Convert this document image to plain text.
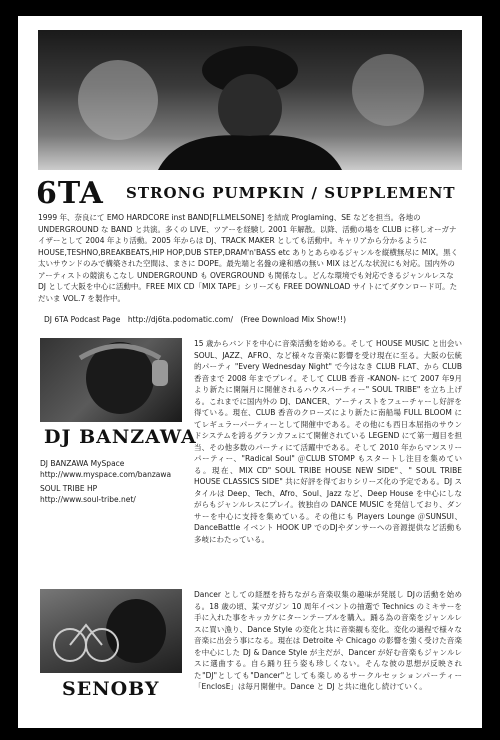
6TA STRONG PUMPKIN / SUPPLEMENT
1999 年、奈良にて EMO HARDCORE inst BAND[FLLMELSONE] を結成 Proglaming、SE などを担当。各地の UNDERGROUND な BAND と共演。多くの LIVE、ツアーを経験し 2001 年解散。以降、活動の場を CLUB に移しオーガナイザーとして 2004 年より活動。2005 年からは DJ、TRACK MAKER としても活動中。キャリアから分かるように HOUSE,TESHNO,BREAKBEATS,HIP HOP,DUB STEP,DRAM'n'BASS etc ありとあらゆるジャンルを縦横無尽に MIX。黒く太いサウンドのみで構築された空間は、まさに DOPE。最先端と名盤の違和感の無い MIX はどんな状況にも対応。国内外のアーティストの競演もこなし UNDERGROUND も OVERGROUND も関係なし。どんな環境でも対応できるジャンルレスな DJ として大阪を中心に活動中。FREE MIX CD「MIX TAPE」シリーズも FREE DOWNLOAD サイトにてダウンロード可。ただいま VOL.7 を製作中。
DJ 6TA Podcast Page　http://dj6ta.podomatic.com/　(Free Download Mix Show!!)
DJ BANZAWA
DJ BANZAWA MySpace
http://www.myspace.com/banzawa
SOUL TRIBE HP
http://www.soul-tribe.net/
15 歳からバンドを中心に音楽活動を始める。そして HOUSE MUSIC と出会い SOUL、JAZZ、AFRO、など様々な音楽に影響を受け現在に至る。大阪の伝統的パーティ "Every Wednesday Night" で今はなき CLUB FLAT、から CLUB 香音まで 2008 年までプレイ。そして CLUB 香音 -KANON- にて 2007 年9月より新たに開隔月に開催されるハウスパーティー" SOUL TRIBE" を立ち上げる。これまでに国内外の DJ、DANCER、アーティストをフューチャーし好評を得ている。現在、CLUB 香音のクローズにより新たに南船場 FULL BLOOM にてレギュラーパーティーとして開催中である。その他にも西日本屈指のサウンドシステムを誇るグランカフェにて開催されている LEGEND にて第一週目を担当、その他多数のパーティにて活躍中である。そして 2010 年からマンスリーパーティー、"Radical Soul" ＠CLUB STOMP もスタートし注目を集めている。現在、MIX CD" SOUL TRIBE HOUSE NEW SIDE"、" SOUL TRIBE HOUSE CLASSICS SIDE" 共に好評を得ておりシリーズ化の予定である。DJ スタイルは Deep、Tech、Afro、Soul、Jazz など、Deep House を中心にしながらもジャンルレスにプレイ。彼独自の DANCE MUSIC を発信しており、ダンサーを中心に支持を集めている。その他にも Players Lounge ＠SUNSUI、DanceBattle イベント HOOK UP でのDJやダンサーへの音源提供など活動も多岐にわたっている。
SENOBY
Dancer としての経歴を持ちながら音楽収集の趣味が発展し DJの活動を始める。18 歳の頃、某マガジン 10 周年イベントの抽選で Technics のミキサーを手に入れた事をキッカケにターンテーブルを購入。踊る為の音楽をジャンルレスに買い漁り、Dance Style の変化と共に音楽観も変化。変化の過程で様々な音楽に出会う事になる。現在は Detroite や Chicago の影響を強く受けた音楽を中心にした DJ & Dance Style が主だが、Dancer が好む音楽もジャンルレスに選曲する。自ら踊り狂う姿も珍しくない。そんな彼の思想が反映された"DJ"としても"Dancer"としても楽しめるサークルセッションパーティー「EnclosE」は毎月開催中。Dance と DJ と共に進化し続けていく。
